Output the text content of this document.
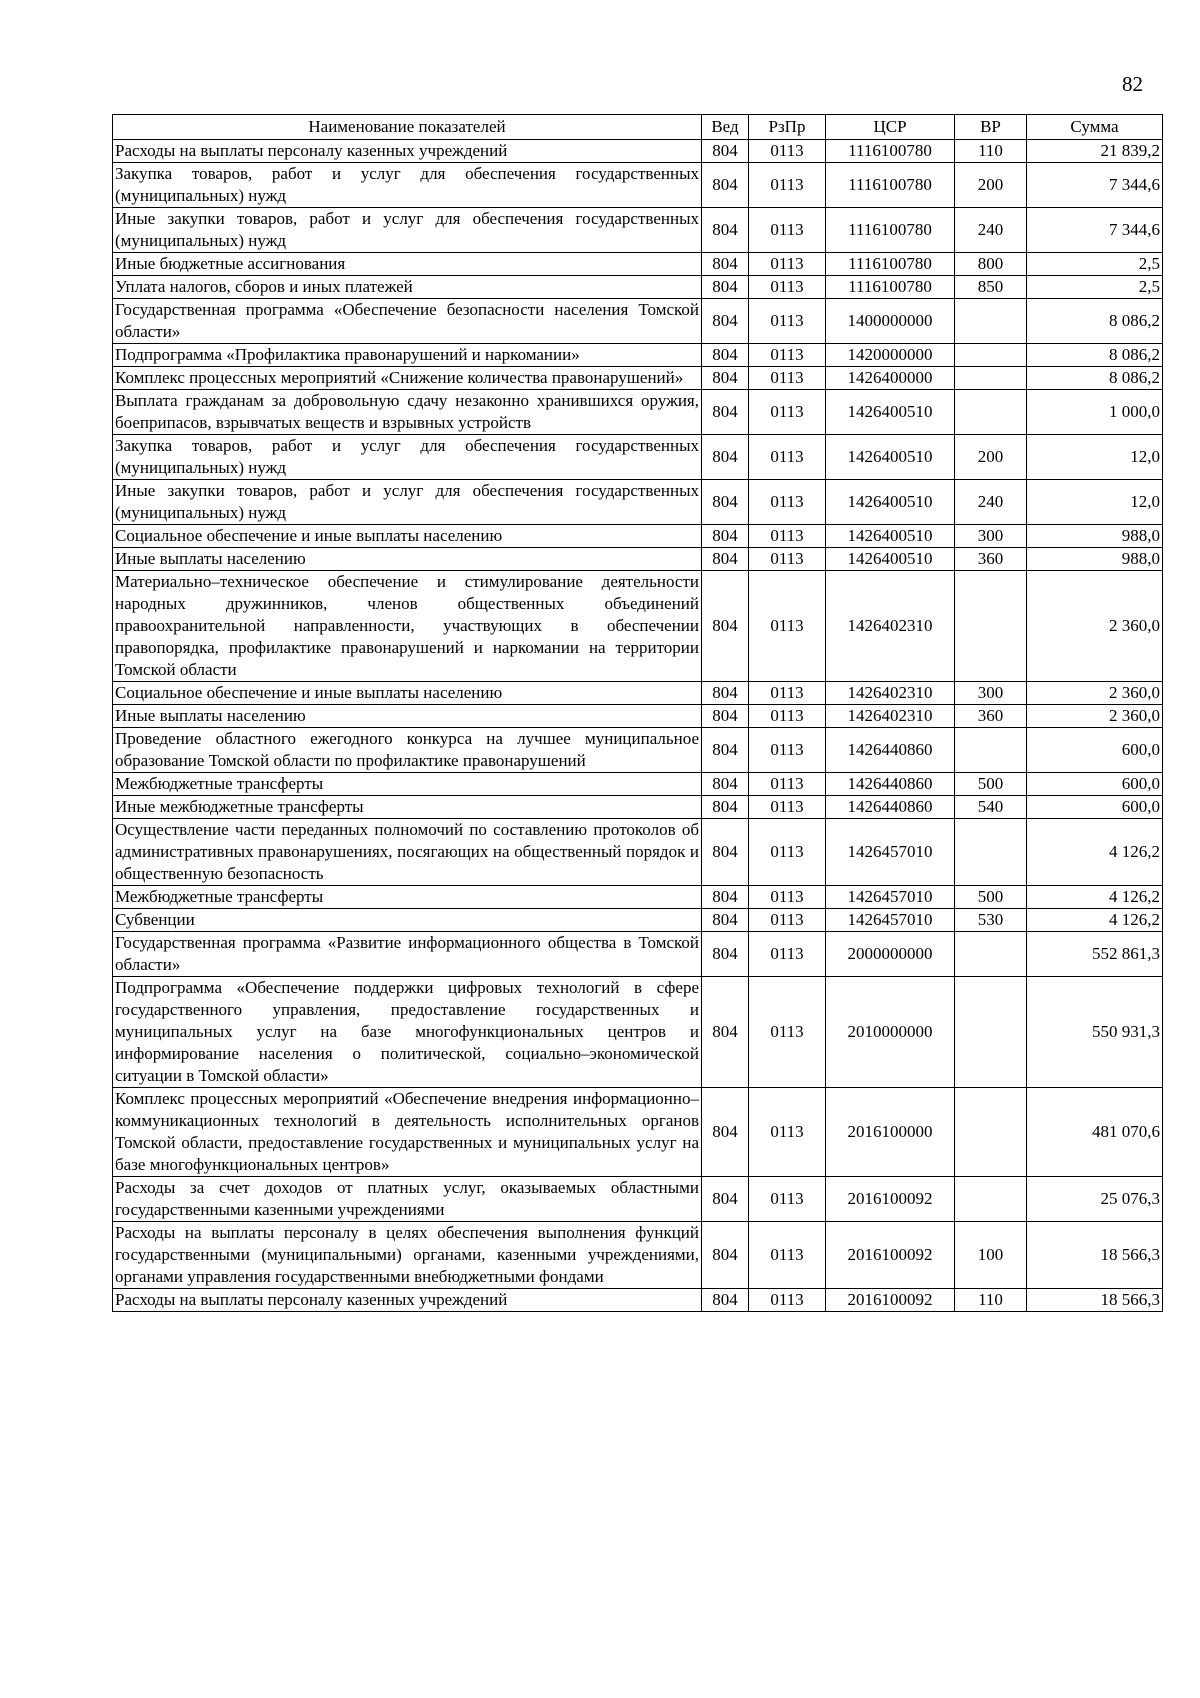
82
Наименование показателей	Вед	РзПр	ЦСР	ВР	Сумма
Расходы на выплаты персоналу казенных учреждений	804	0113	1116100780	110	21 839,2
Закупка товаров, работ и услуг для обеспечения государственных (муниципальных) нужд	804	0113	1116100780	200	7 344,6
Иные закупки товаров, работ и услуг для обеспечения государственных (муниципальных) нужд	804	0113	1116100780	240	7 344,6
Иные бюджетные ассигнования	804	0113	1116100780	800	2,5
Уплата налогов, сборов и иных платежей	804	0113	1116100780	850	2,5
Государственная программа «Обеспечение безопасности населения Томской области»	804	0113	1400000000		8 086,2
Подпрограмма «Профилактика правонарушений и наркомании»	804	0113	1420000000		8 086,2
Комплекс процессных мероприятий «Снижение количества правонарушений»	804	0113	1426400000		8 086,2
Выплата гражданам за добровольную сдачу незаконно хранившихся оружия, боеприпасов, взрывчатых веществ и взрывных устройств	804	0113	1426400510		1 000,0
Закупка товаров, работ и услуг для обеспечения государственных (муниципальных) нужд	804	0113	1426400510	200	12,0
Иные закупки товаров, работ и услуг для обеспечения государственных (муниципальных) нужд	804	0113	1426400510	240	12,0
Социальное обеспечение и иные выплаты населению	804	0113	1426400510	300	988,0
Иные выплаты населению	804	0113	1426400510	360	988,0
Материально–техническое обеспечение и стимулирование деятельности народных дружинников, членов общественных объединений правоохранительной направленности, участвующих в обеспечении правопорядка, профилактике правонарушений и наркомании на территории Томской области	804	0113	1426402310		2 360,0
Социальное обеспечение и иные выплаты населению	804	0113	1426402310	300	2 360,0
Иные выплаты населению	804	0113	1426402310	360	2 360,0
Проведение областного ежегодного конкурса на лучшее муниципальное образование Томской области по профилактике правонарушений	804	0113	1426440860		600,0
Межбюджетные трансферты	804	0113	1426440860	500	600,0
Иные межбюджетные трансферты	804	0113	1426440860	540	600,0
Осуществление части переданных полномочий по составлению протоколов об административных правонарушениях, посягающих на общественный порядок и общественную безопасность	804	0113	1426457010		4 126,2
Межбюджетные трансферты	804	0113	1426457010	500	4 126,2
Субвенции	804	0113	1426457010	530	4 126,2
Государственная программа «Развитие информационного общества в Томской области»	804	0113	2000000000		552 861,3
Подпрограмма «Обеспечение поддержки цифровых технологий в сфере государственного управления, предоставление государственных и муниципальных услуг на базе многофункциональных центров и информирование населения о политической, социально–экономической ситуации в Томской области»	804	0113	2010000000		550 931,3
Комплекс процессных мероприятий «Обеспечение внедрения информационно–коммуникационных технологий в деятельность исполнительных органов Томской области, предоставление государственных и муниципальных услуг на базе многофункциональных центров»	804	0113	2016100000		481 070,6
Расходы за счет доходов от платных услуг, оказываемых областными государственными казенными учреждениями	804	0113	2016100092		25 076,3
Расходы на выплаты персоналу в целях обеспечения выполнения функций государственными (муниципальными) органами, казенными учреждениями, органами управления государственными внебюджетными фондами	804	0113	2016100092	100	18 566,3
Расходы на выплаты персоналу казенных учреждений	804	0113	2016100092	110	18 566,3
